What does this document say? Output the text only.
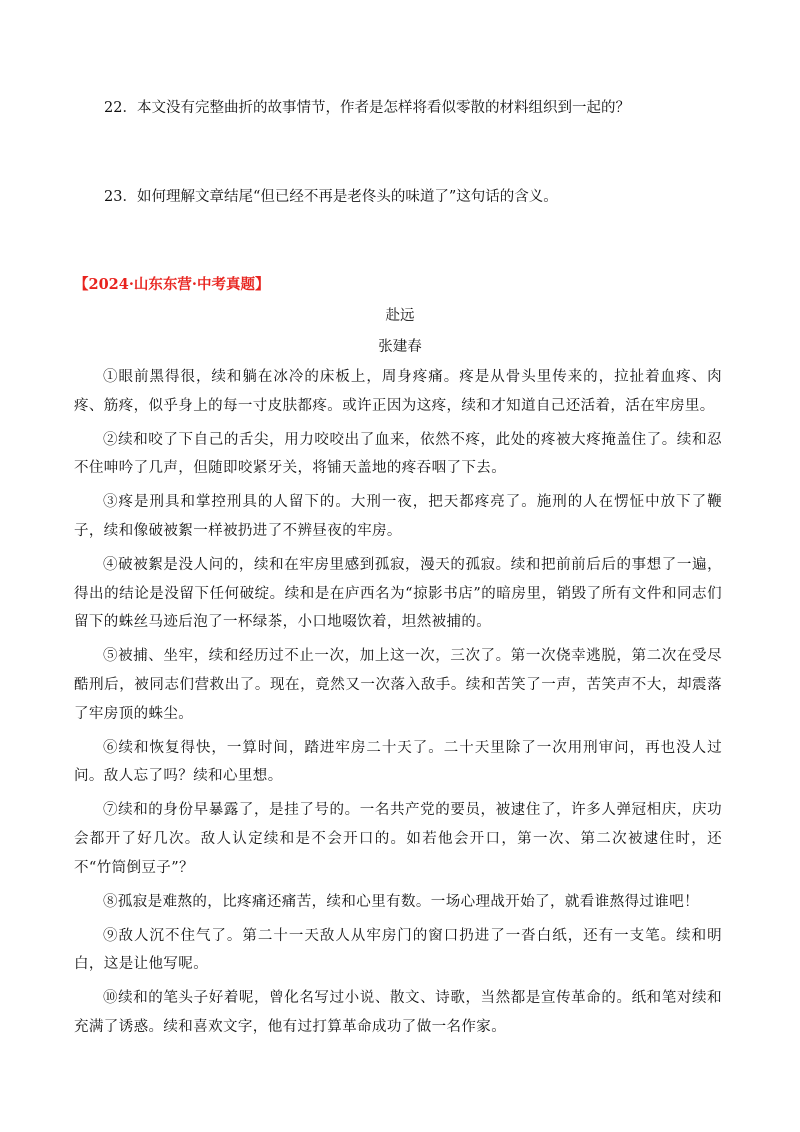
22．本文没有完整曲折的故事情节，作者是怎样将看似零散的材料组织到一起的？
23．如何理解文章结尾“但已经不再是老佟头的味道了”这句话的含义。
【2024·山东东营·中考真题】
赴远
张建春

①眼前黑得很，续和躺在冰冷的床板上，周身疼痛。疼是从骨头里传来的，拉扯着血疼、肉疼、筋疼，似乎身上的每一寸皮肤都疼。或许正因为这疼，续和才知道自己还活着，活在牢房里。

②续和咬了下自己的舌尖，用力咬咬出了血来，依然不疼，此处的疼被大疼掩盖住了。续和忍不住呻吟了几声，但随即咬紧牙关，将铺天盖地的疼吞咽了下去。

③疼是刑具和掌控刑具的人留下的。大刑一夜，把天都疼亮了。施刑的人在愣怔中放下了鞭子，续和像破被絮一样被扔进了不辨昼夜的牢房。

④破被絮是没人问的，续和在牢房里感到孤寂，漫天的孤寂。续和把前前后后的事想了一遍，得出的结论是没留下任何破绽。续和是在庐西名为“掠影书店”的暗房里，销毁了所有文件和同志们留下的蛛丝马迹后泡了一杯绿茶，小口地啜饮着，坦然被捕的。

⑤被捕、坐牢，续和经历过不止一次，加上这一次，三次了。第一次侥幸逃脱，第二次在受尽酷刑后，被同志们营救出了。现在，竟然又一次落入敌手。续和苦笑了一声，苦笑声不大，却震落了牢房顶的蛛尘。

⑥续和恢复得快，一算时间，踏进牢房二十天了。二十天里除了一次用刑审问，再也没人过问。敌人忘了吗？续和心里想。

⑦续和的身份早暴露了，是挂了号的。一名共产党的要员，被逮住了，许多人弹冠相庆，庆功会都开了好几次。敌人认定续和是不会开口的。如若他会开口，第一次、第二次被逮住时，还不“竹筒倒豆子”？

⑧孤寂是难熬的，比疼痛还痛苦，续和心里有数。一场心理战开始了，就看谁熬得过谁吧！

⑨敌人沉不住气了。第二十一天敌人从牢房门的窗口扔进了一沓白纸，还有一支笔。续和明白，这是让他写呢。

⑩续和的笔头子好着呢，曾化名写过小说、散文、诗歌，当然都是宣传革命的。纸和笔对续和充满了诱惑。续和喜欢文字，他有过打算革命成功了做一名作家。
